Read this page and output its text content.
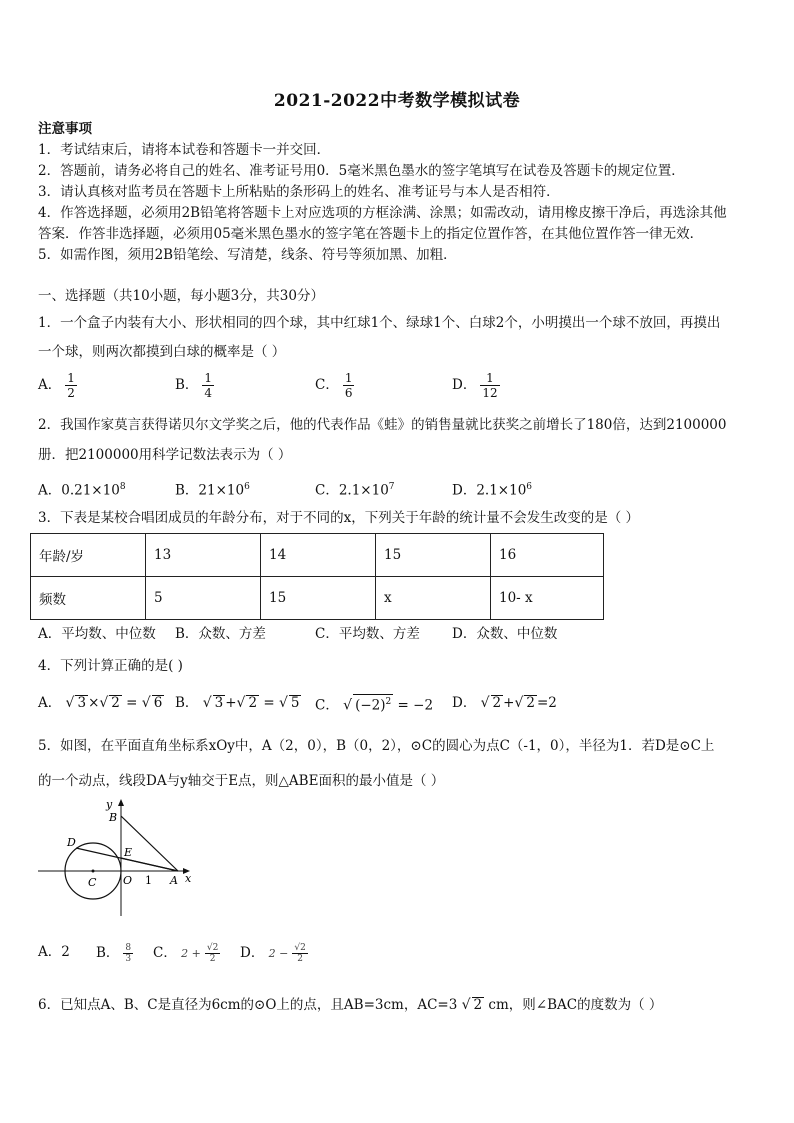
2021-2022中考数学模拟试卷
注意事项
1．考试结束后，请将本试卷和答题卡一并交回．
2．答题前，请务必将自己的姓名、准考证号用0．5毫米黑色墨水的签字笔填写在试卷及答题卡的规定位置．
3．请认真核对监考员在答题卡上所粘贴的条形码上的姓名、准考证号与本人是否相符．
4．作答选择题，必须用2B铅笔将答题卡上对应选项的方框涂满、涂黑；如需改动，请用橡皮擦干净后，再选涂其他
答案．作答非选择题，必须用05毫米黑色墨水的签字笔在答题卡上的指定位置作答，在其他位置作答一律无效．
5．如需作图，须用2B铅笔绘、写清楚，线条、符号等须加黑、加粗．
一、选择题（共10小题，每小题3分，共30分）
1．一个盒子内装有大小、形状相同的四个球，其中红球1个、绿球1个、白球2个，小明摸出一个球不放回，再摸出
一个球，则两次都摸到白球的概率是（ ）
A． $\frac{1}{2}$	B． $\frac{1}{4}$	C． $\frac{1}{6}$	D． $\frac{1}{12}$
2．我国作家莫言获得诺贝尔文学奖之后，他的代表作品《蛙》的销售量就比获奖之前增长了180倍，达到2100000
册．把2100000用科学记数法表示为（ ）
A．$0.21\times 10^8$	B．$21\times 10^6$	C．$2.1\times 10^7$	D．$2.1\times 10^6$
3．下表是某校合唱团成员的年龄分布，对于不同的x，下列关于年龄的统计量不会发生改变的是（ ）
年龄/岁	13	14	15	16
频数	5	15	x	10- x
A．平均数、中位数 B．众数、方差	C．平均数、方差 D．众数、中位数
4．下列计算正确的是( )
A． √ 3 ×√ 2 = √ 6 B． √ 3 +√ 2 = √ 5 C． √ $(-2)^2 = -2$ D． √ 2 +√ 2 =2
5．如图，在平面直角坐标系xOy中，A（2，0），B（0，2），⊙C的圆心为点C（-1，0），半径为1．若D是⊙C上
的一个动点，线段DA与y轴交于E点，则△ABE面积的最小值是（ ）
y
B
D
E
C O 1 A x
A．2 B． $\frac{8}{3}$ C． $2 + \frac{√2}{2}$ D． $2 - \frac{√2}{2}$
6．已知点A、B、C是直径为6cm的⊙O上的点，且AB=3cm，AC=3 √ 2 cm，则∠BAC的度数为（ ）
